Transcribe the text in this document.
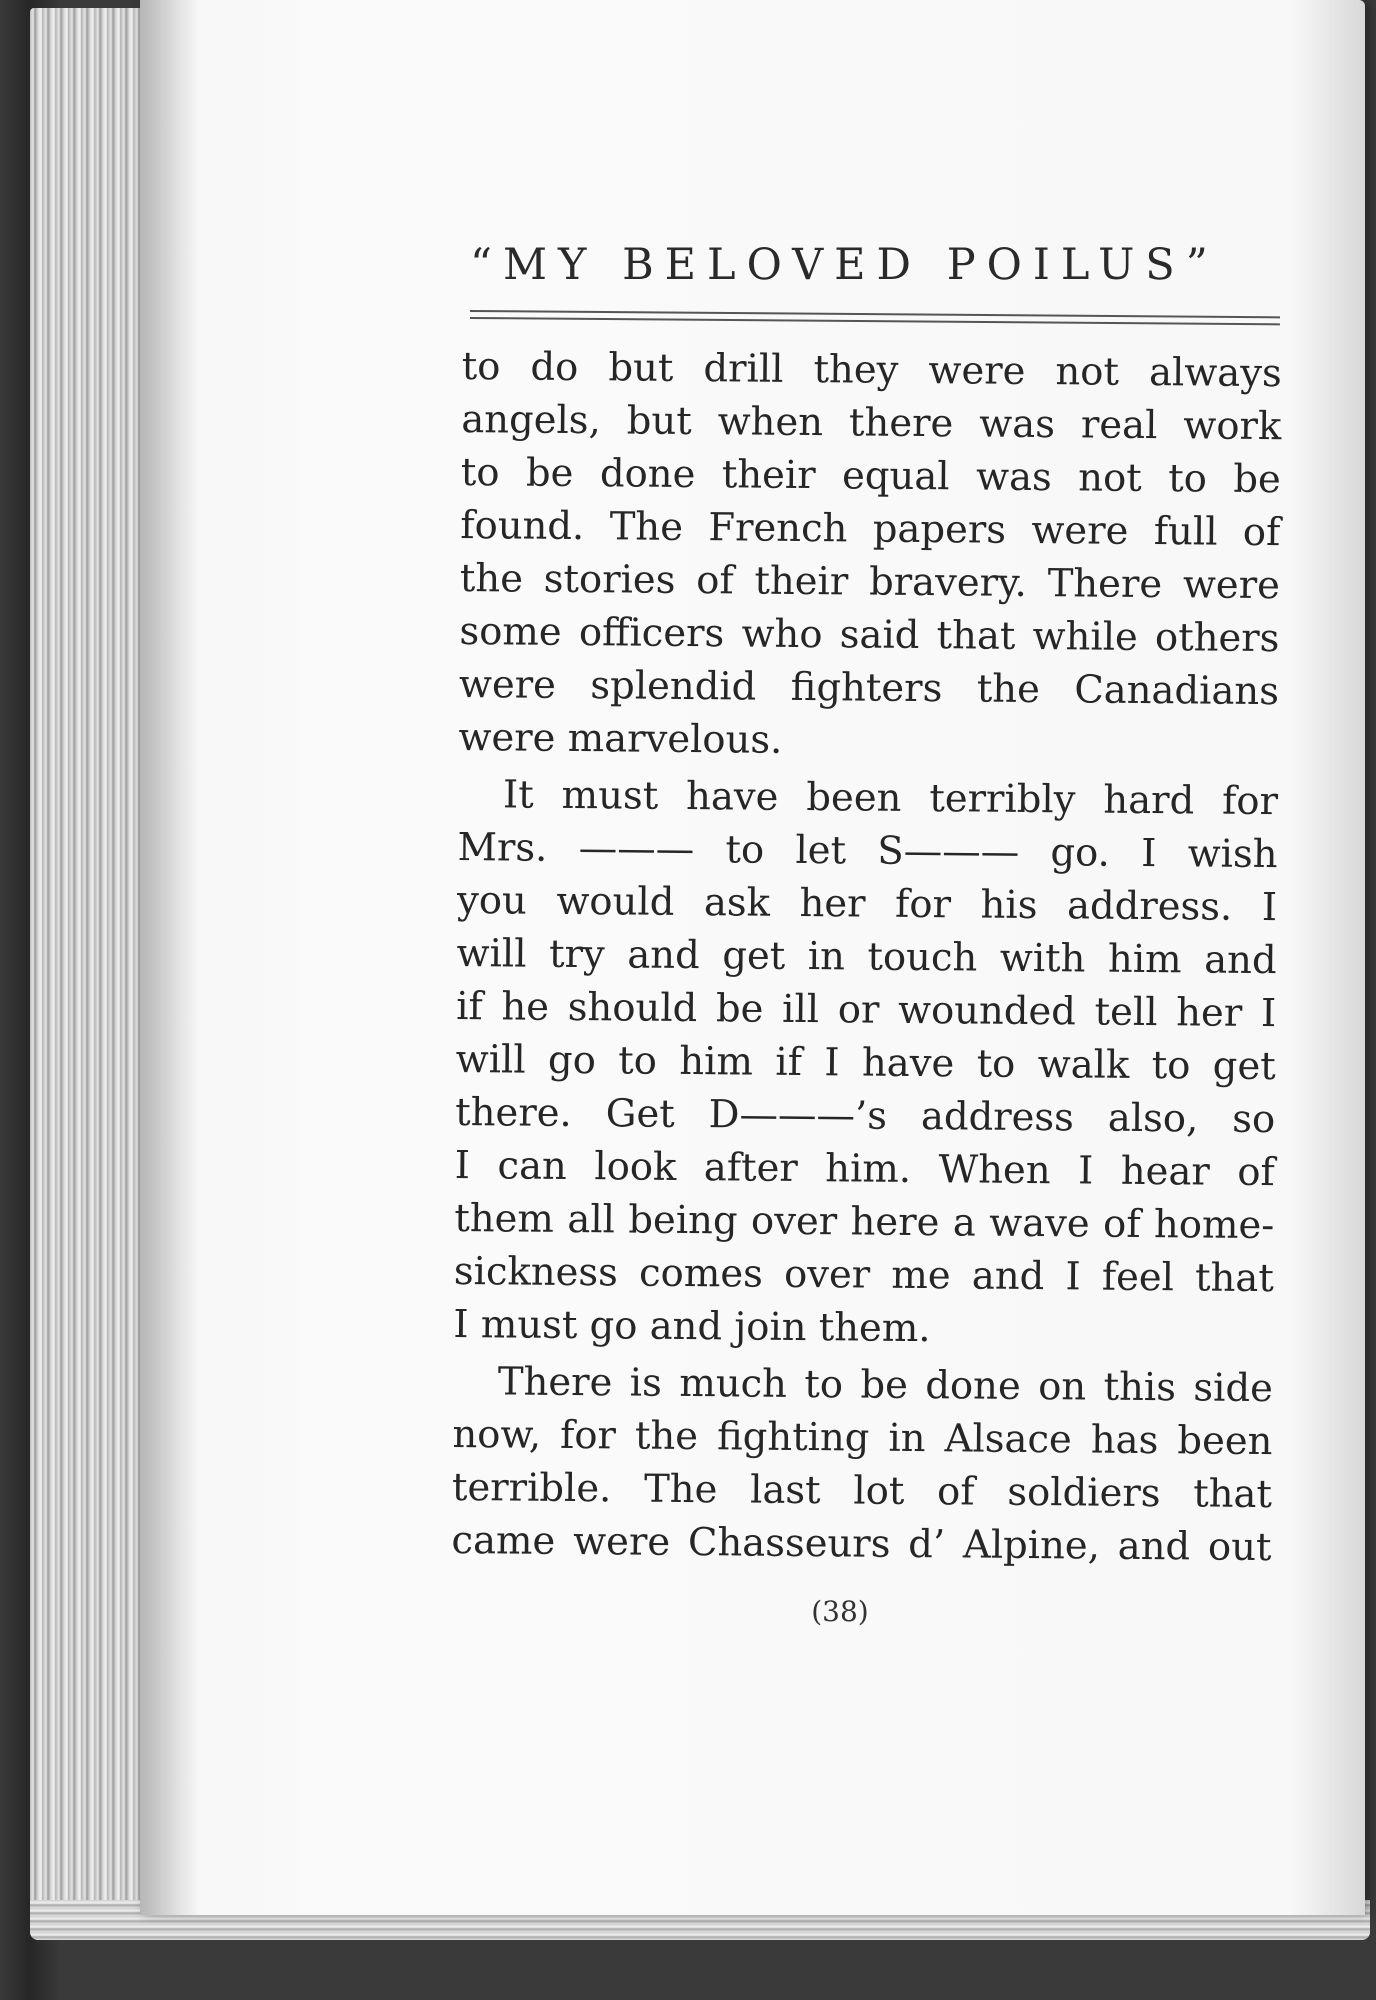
“MY BELOVED POILUS”
to do but drill they were not always
angels, but when there was real work
to be done their equal was not to be
found. The French papers were full of
the stories of their bravery. There were
some officers who said that while others
were splendid fighters the Canadians
were marvelous.
It must have been terribly hard for
Mrs. ——— to let S——— go. I wish
you would ask her for his address. I
will try and get in touch with him and
if he should be ill or wounded tell her I
will go to him if I have to walk to get
there. Get D———’s address also, so
I can look after him. When I hear of
them all being over here a wave of home-
sickness comes over me and I feel that
I must go and join them.
There is much to be done on this side
now, for the fighting in Alsace has been
terrible. The last lot of soldiers that
came were Chasseurs d’ Alpine, and out
(38)
